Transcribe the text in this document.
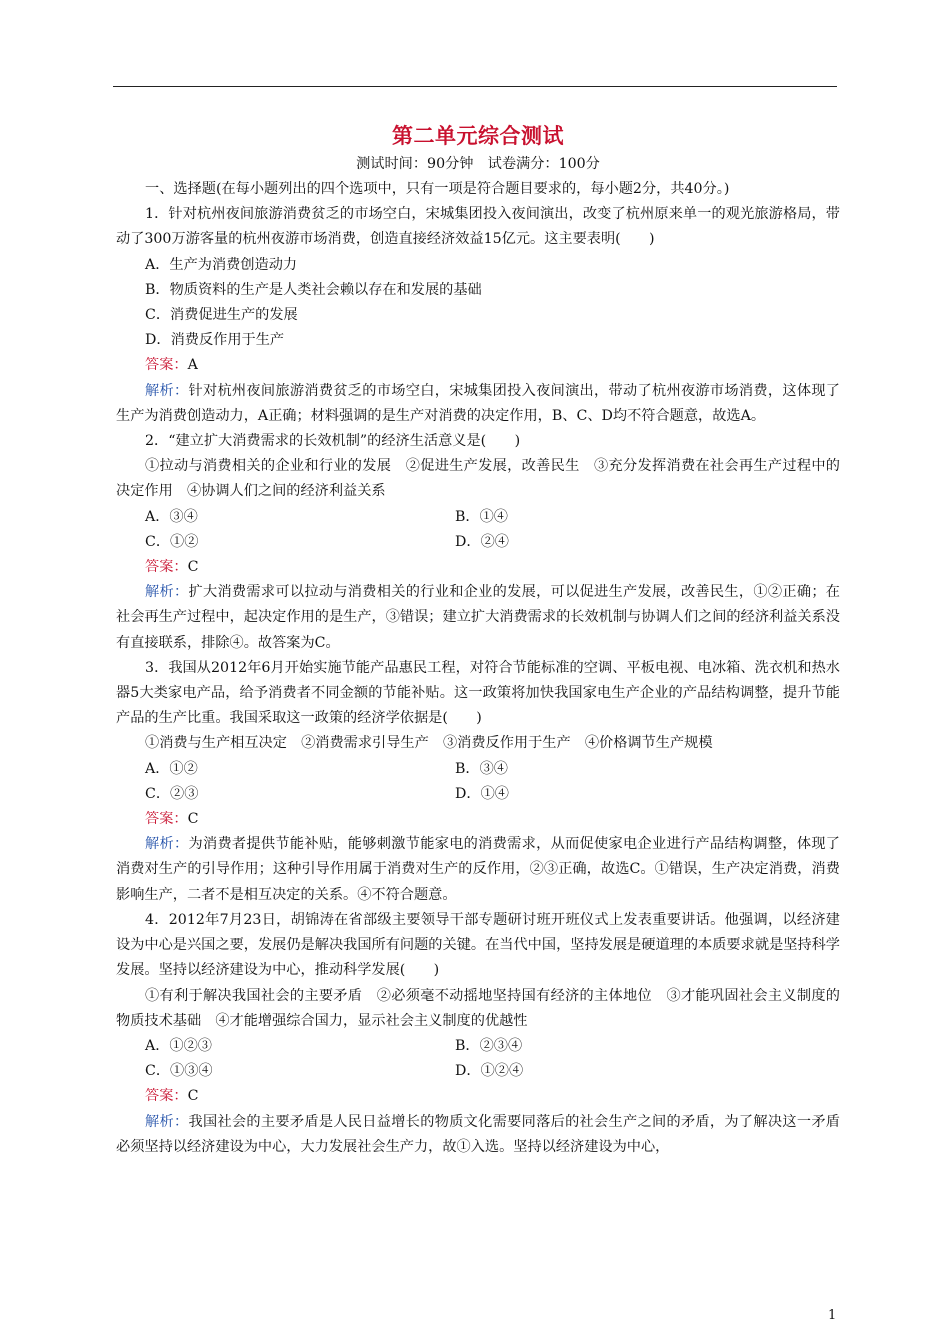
第二单元综合测试
测试时间：90分钟　试卷满分：100分

一、选择题(在每小题列出的四个选项中，只有一项是符合题目要求的，每小题2分，共40分。)

1．针对杭州夜间旅游消费贫乏的市场空白，宋城集团投入夜间演出，改变了杭州原来单一的观光旅游格局，带动了300万游客量的杭州夜游市场消费，创造直接经济效益15亿元。这主要表明(　　)

A．生产为消费创造动力

B．物质资料的生产是人类社会赖以存在和发展的基础

C．消费促进生产的发展

D．消费反作用于生产

答案：A

解析：针对杭州夜间旅游消费贫乏的市场空白，宋城集团投入夜间演出，带动了杭州夜游市场消费，这体现了生产为消费创造动力，A正确；材料强调的是生产对消费的决定作用，B、C、D均不符合题意，故选A。

2．“建立扩大消费需求的长效机制”的经济生活意义是(　　)

①拉动与消费相关的企业和行业的发展　②促进生产发展，改善民生　③充分发挥消费在社会再生产过程中的决定作用　④协调人们之间的经济利益关系

A．③④	B．①④
C．①②	D．②④

答案：C

解析：扩大消费需求可以拉动与消费相关的行业和企业的发展，可以促进生产发展，改善民生，①②正确；在社会再生产过程中，起决定作用的是生产，③错误；建立扩大消费需求的长效机制与协调人们之间的经济利益关系没有直接联系，排除④。故答案为C。

3．我国从2012年6月开始实施节能产品惠民工程，对符合节能标准的空调、平板电视、电冰箱、洗衣机和热水器5大类家电产品，给予消费者不同金额的节能补贴。这一政策将加快我国家电生产企业的产品结构调整，提升节能产品的生产比重。我国采取这一政策的经济学依据是(　　)

①消费与生产相互决定　②消费需求引导生产　③消费反作用于生产　④价格调节生产规模

A．①②	B．③④
C．②③	D．①④

答案：C

解析：为消费者提供节能补贴，能够刺激节能家电的消费需求，从而促使家电企业进行产品结构调整，体现了消费对生产的引导作用；这种引导作用属于消费对生产的反作用，②③正确，故选C。①错误，生产决定消费，消费影响生产，二者不是相互决定的关系。④不符合题意。

4．2012年7月23日，胡锦涛在省部级主要领导干部专题研讨班开班仪式上发表重要讲话。他强调，以经济建设为中心是兴国之要，发展仍是解决我国所有问题的关键。在当代中国，坚持发展是硬道理的本质要求就是坚持科学发展。坚持以经济建设为中心，推动科学发展(　　)

①有利于解决我国社会的主要矛盾　②必须毫不动摇地坚持国有经济的主体地位　③才能巩固社会主义制度的物质技术基础　④才能增强综合国力，显示社会主义制度的优越性

A．①②③	B．②③④
C．①③④	D．①②④

答案：C

解析：我国社会的主要矛盾是人民日益增长的物质文化需要同落后的社会生产之间的矛盾，为了解决这一矛盾必须坚持以经济建设为中心，大力发展社会生产力，故①入选。坚持以经济建设为中心，

1
